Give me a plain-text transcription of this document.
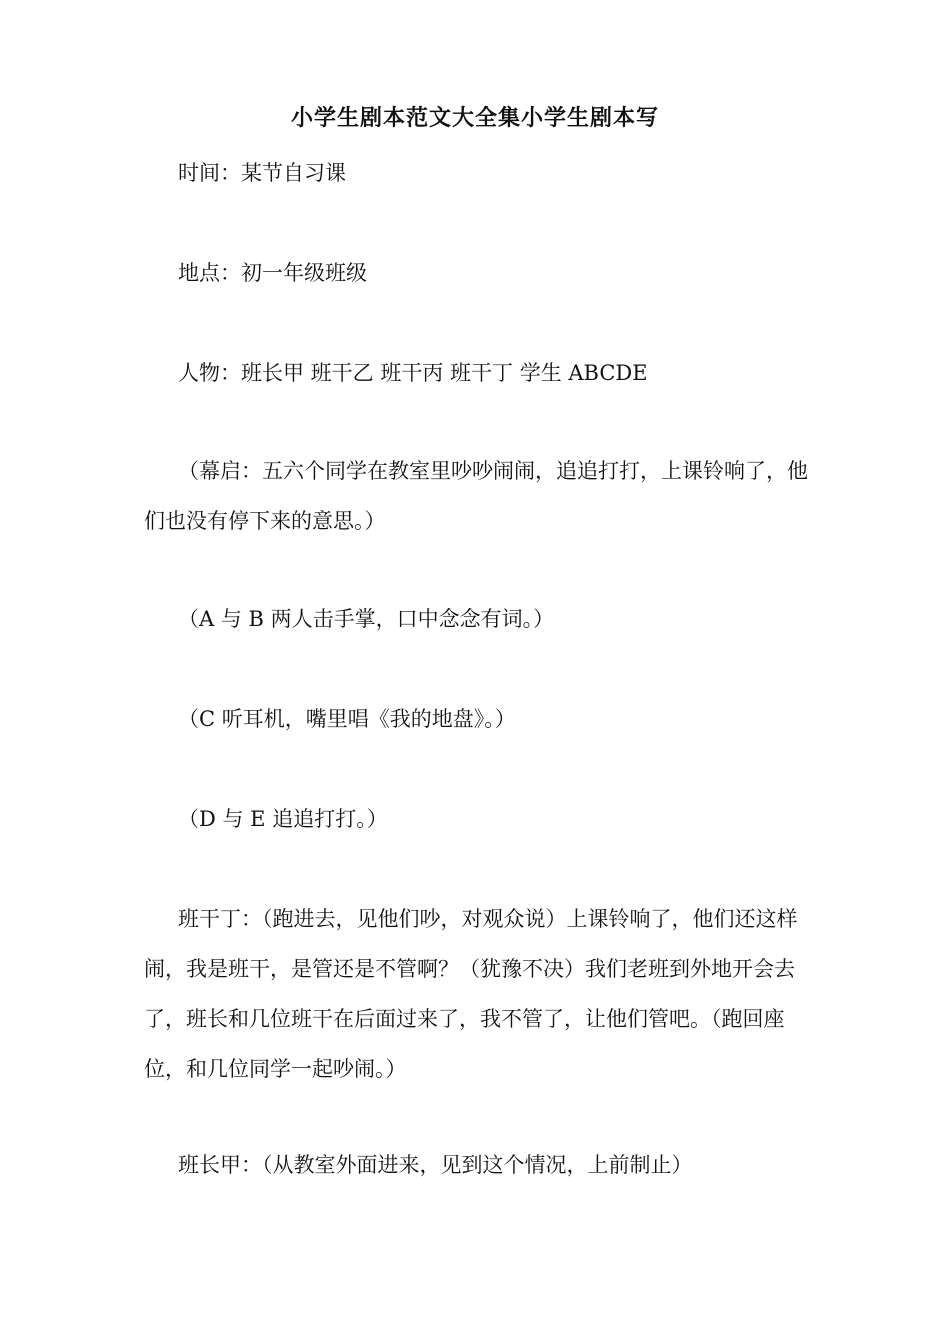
小学生剧本范文大全集小学生剧本写

时间：某节自习课

地点：初一年级班级

人物：班长甲 班干乙 班干丙 班干丁 学生 ABCDE

（幕启：五六个同学在教室里吵吵闹闹，追追打打，上课铃响了，他们也没有停下来的意思。）

（A 与 B 两人击手掌，口中念念有词。）

（C 听耳机，嘴里唱《我的地盘》。）

（D 与 E 追追打打。）

班干丁：（跑进去，见他们吵，对观众说）上课铃响了，他们还这样闹，我是班干，是管还是不管啊？（犹豫不决）我们老班到外地开会去了，班长和几位班干在后面过来了，我不管了，让他们管吧。（跑回座位，和几位同学一起吵闹。）

班长甲：（从教室外面进来，见到这个情况，上前制止）
